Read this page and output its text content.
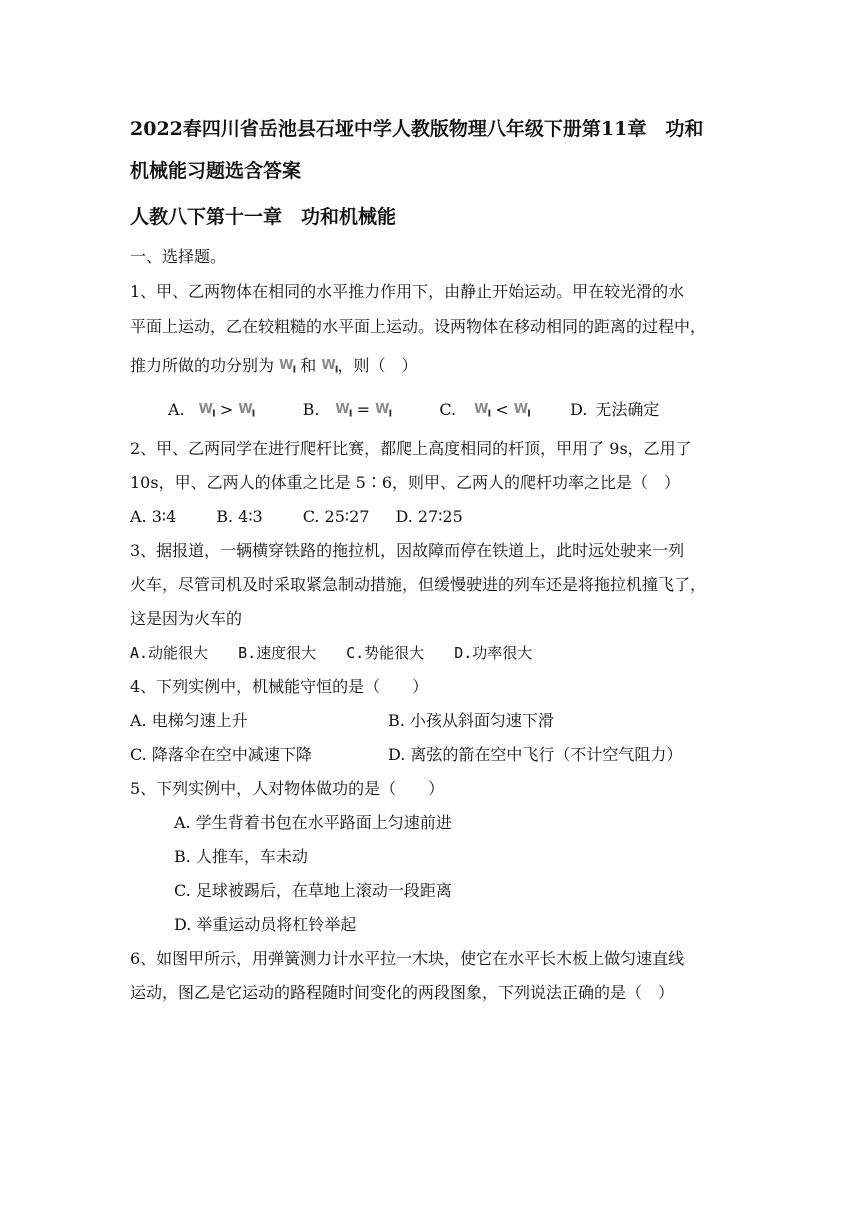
2022春四川省岳池县石垭中学人教版物理八年级下册第11章　功和
机械能习题选含答案
人教八下第十一章　功和机械能
一、选择题。
1、甲、乙两物体在相同的水平推力作用下，由静止开始运动。甲在较光滑的水
平面上运动，乙在较粗糙的水平面上运动。设两物体在移动相同的距离的过程中，
推力所做的功分别为 $W_I$ 和 $W_I$，则（　）
A. $W_I > W_I$	B. $W_I = W_I$	C. $W_I < W_I$	D. 无法确定
2、甲、乙两同学在进行爬杆比赛，都爬上高度相同的杆顶，甲用了 9s，乙用了
10s，甲、乙两人的体重之比是 5∶6，则甲、乙两人的爬杆功率之比是（　）
A. 3∶4	B. 4∶3	C. 25∶27 D. 27∶25
3、据报道，一辆横穿铁路的拖拉机，因故障而停在铁道上，此时远处驶来一列
火车，尽管司机及时采取紧急制动措施，但缓慢驶进的列车还是将拖拉机撞飞了，
这是因为火车的
A.动能很大 B.速度很大 C.势能很大 D.功率很大
4、下列实例中，机械能守恒的是（　　）
A. 电梯匀速上升	B. 小孩从斜面匀速下滑
C. 降落伞在空中减速下降	D. 离弦的箭在空中飞行（不计空气阻力）
5、下列实例中，人对物体做功的是（　　）
A. 学生背着书包在水平路面上匀速前进
B. 人推车，车未动
C. 足球被踢后，在草地上滚动一段距离
D. 举重运动员将杠铃举起
6、如图甲所示，用弹簧测力计水平拉一木块，使它在水平长木板上做匀速直线
运动，图乙是它运动的路程随时间变化的两段图象，下列说法正确的是（　）
